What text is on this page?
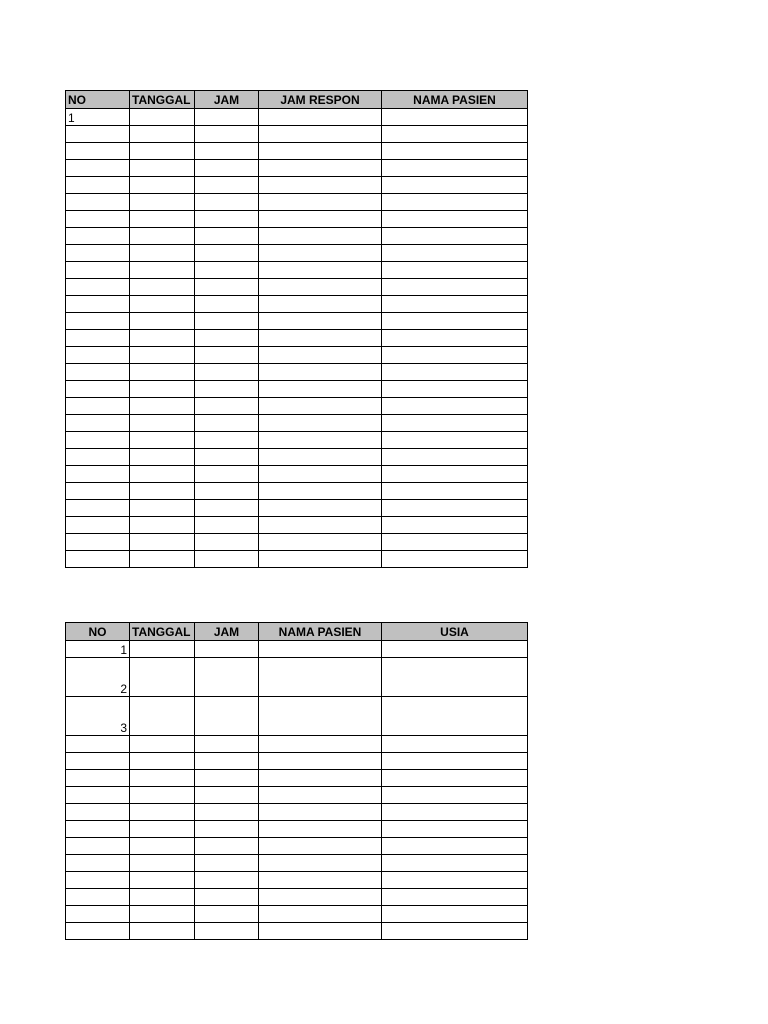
NO	TANGGAL	JAM	JAM RESPON	NAMA PASIEN
1				

NO	TANGGAL	JAM	NAMA PASIEN	USIA
1				
2				
3				
